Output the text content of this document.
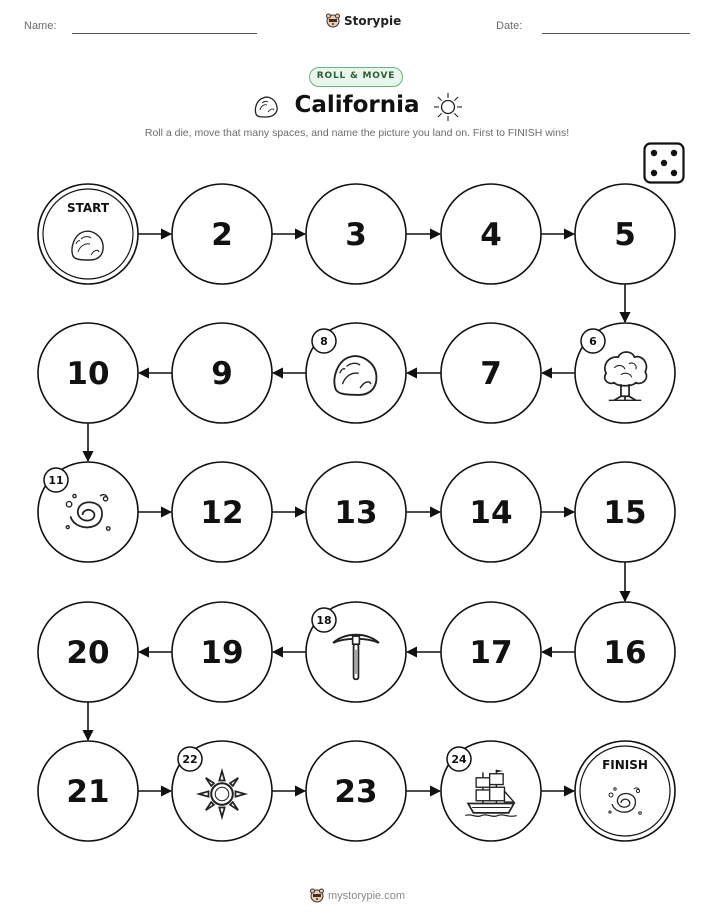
Name:	Storypie	Date:
ROLL & MOVE
California
Roll a die, move that many spaces, and name the picture you land on. First to FINISH wins!
START
2	3	4	5
6
7
8
9
10
11
12	13	14	15
16
17
18
19
20
21
22
23
24	FINISH
mystorypie.com
